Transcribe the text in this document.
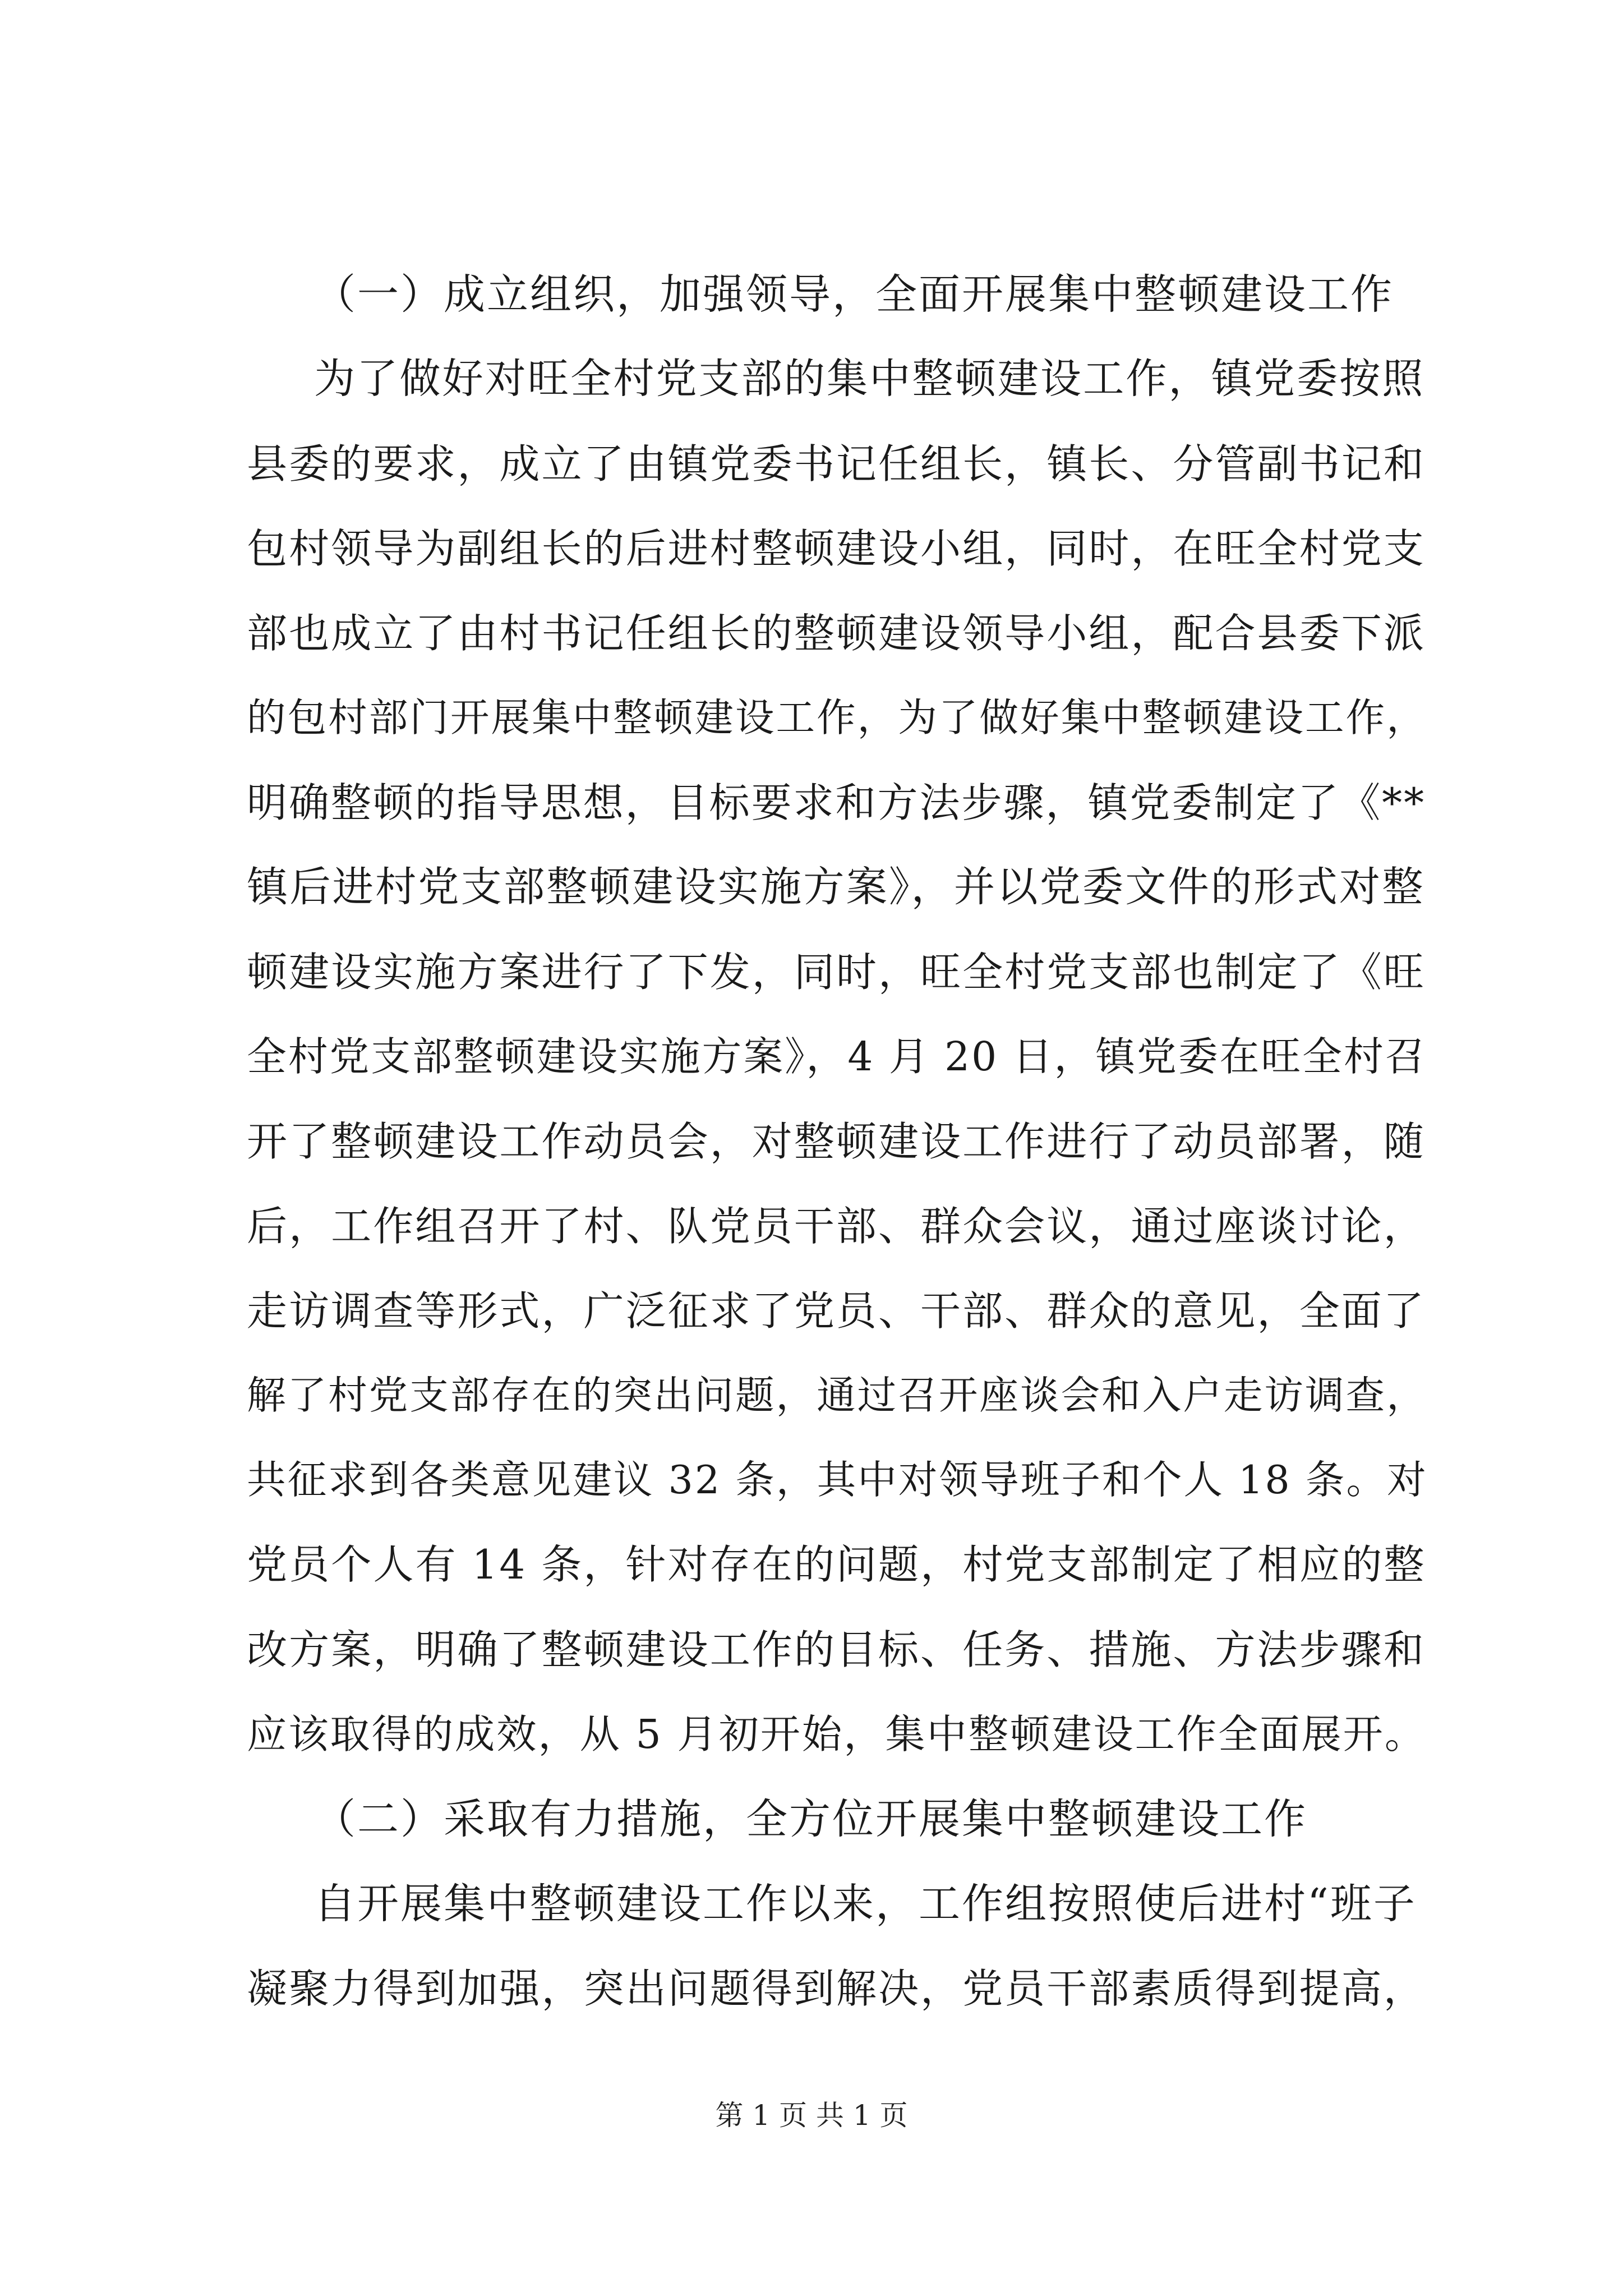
（一）成立组织，加强领导，全面开展集中整顿建设工作
为了做好对旺全村党支部的集中整顿建设工作，镇党委按照
县委的要求，成立了由镇党委书记任组长，镇长、分管副书记和
包村领导为副组长的后进村整顿建设小组，同时，在旺全村党支
部也成立了由村书记任组长的整顿建设领导小组，配合县委下派
的包村部门开展集中整顿建设工作，为了做好集中整顿建设工作，
明确整顿的指导思想，目标要求和方法步骤，镇党委制定了《**
镇后进村党支部整顿建设实施方案》，并以党委文件的形式对整
顿建设实施方案进行了下发，同时，旺全村党支部也制定了《旺
全村党支部整顿建设实施方案》，4 月 20 日，镇党委在旺全村召
开了整顿建设工作动员会，对整顿建设工作进行了动员部署，随
后，工作组召开了村、队党员干部、群众会议，通过座谈讨论，
走访调查等形式，广泛征求了党员、干部、群众的意见，全面了
解了村党支部存在的突出问题，通过召开座谈会和入户走访调查，
共征求到各类意见建议 32 条，其中对领导班子和个人 18 条。对
党员个人有 14 条，针对存在的问题，村党支部制定了相应的整
改方案，明确了整顿建设工作的目标、任务、措施、方法步骤和
应该取得的成效，从 5 月初开始，集中整顿建设工作全面展开。
（二）采取有力措施，全方位开展集中整顿建设工作
自开展集中整顿建设工作以来，工作组按照使后进村“班子
凝聚力得到加强，突出问题得到解决，党员干部素质得到提高，
第 1 页 共 1 页
